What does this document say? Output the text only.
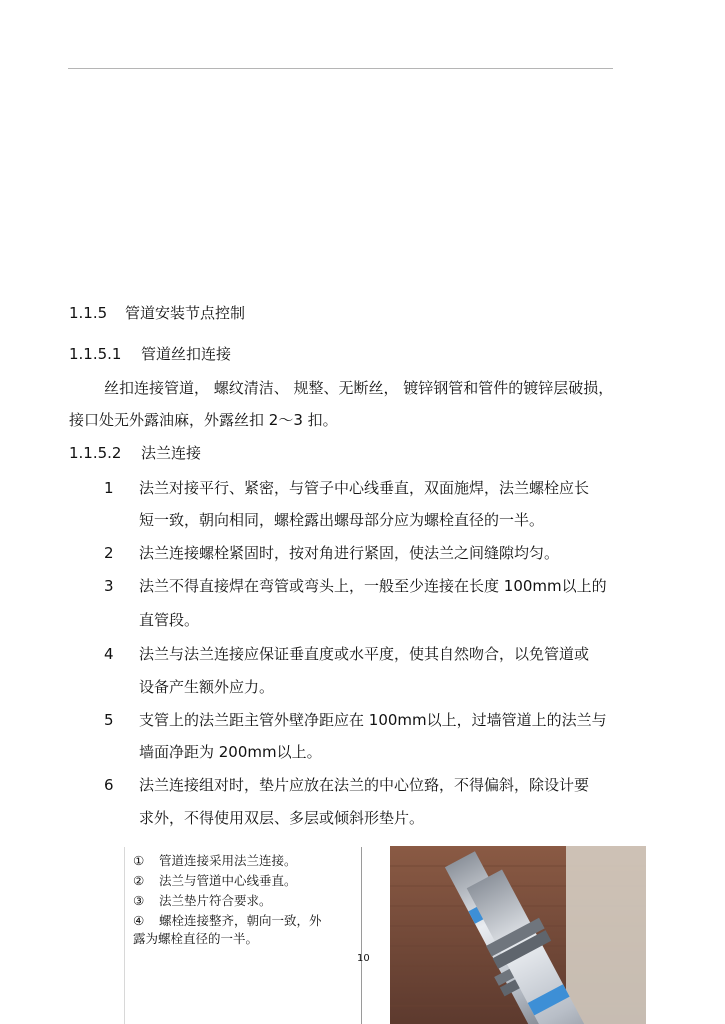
1.1.5 管道安装节点控制
1.1.5.1 管道丝扣连接
丝扣连接管道， 螺纹清洁、 规整、无断丝， 镀锌钢管和管件的镀锌层破损，
接口处无外露油麻，外露丝扣 2～3 扣。
1.1.5.2 法兰连接
1 法兰对接平行、紧密，与管子中心线垂直，双面施焊，法兰螺栓应长
短一致，朝向相同，螺栓露出螺母部分应为螺栓直径的一半。
2 法兰连接螺栓紧固时，按对角进行紧固，使法兰之间缝隙均匀。
3 法兰不得直接焊在弯管或弯头上，一般至少连接在长度 100mm以上的
直管段。
4 法兰与法兰连接应保证垂直度或水平度，使其自然吻合，以免管道或
设备产生额外应力。
5 支管上的法兰距主管外壁净距应在 100mm以上，过墙管道上的法兰与
墙面净距为 200mm以上。
6 法兰连接组对时，垫片应放在法兰的中心位臵，不得偏斜，除设计要
求外，不得使用双层、多层或倾斜形垫片。
① 管道连接采用法兰连接。
② 法兰与管道中心线垂直。
③ 法兰垫片符合要求。
④ 螺栓连接整齐，朝向一致，外
露为螺栓直径的一半。
10
